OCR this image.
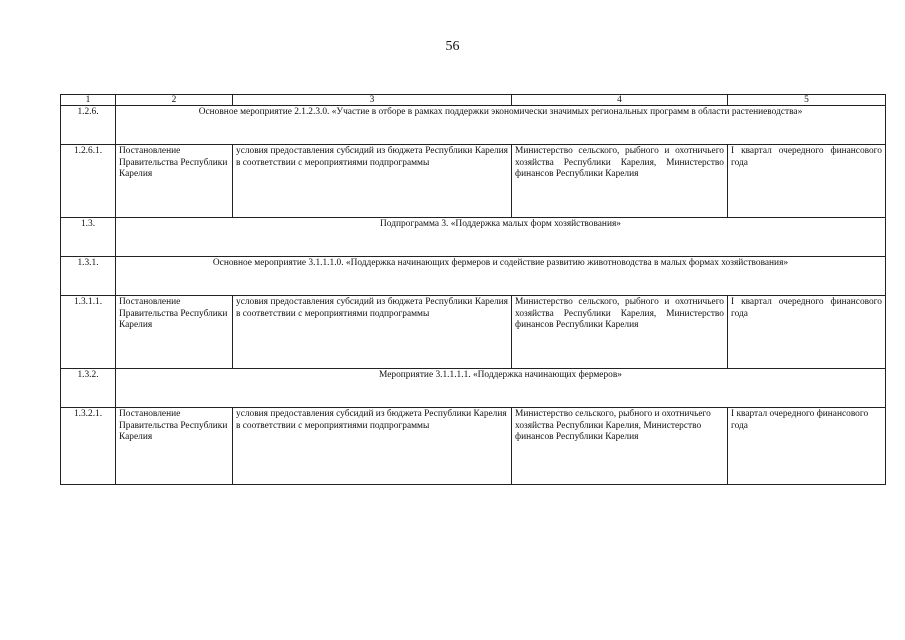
56
1	2	3	4	5
1.2.6.	Основное мероприятие 2.1.2.3.0. «Участие в отборе в рамках поддержки экономически значимых региональных программ в области растениеводства»			
1.2.6.1.	Постановление Правительства Республики Карелия	условия предоставления субсидий из бюджета Республики Карелия в соответствии с мероприятиями подпрограммы	Министерство сельского, рыбного и охотничьего хозяйства Республики Карелия, Министерство финансов Республики Карелия	I квартал очередного финансового года
1.3.	Подпрограмма 3. «Поддержка малых форм хозяйствования»			
1.3.1.	Основное мероприятие 3.1.1.1.0. «Поддержка начинающих фермеров и содействие развитию животноводства в малых формах хозяйствования»			
1.3.1.1.	Постановление Правительства Республики Карелия	условия предоставления субсидий из бюджета Республики Карелия в соответствии с мероприятиями подпрограммы	Министерство сельского, рыбного и охотничьего хозяйства Республики Карелия, Министерство финансов Республики Карелия	I квартал очередного финансового года
1.3.2.	Мероприятие 3.1.1.1.1. «Поддержка начинающих фермеров»			
1.3.2.1.	Постановление Правительства Республики Карелия	условия предоставления субсидий из бюджета Республики Карелия в соответствии с мероприятиями подпрограммы	Министерство сельского, рыбного и охотничьего хозяйства Республики Карелия, Министерство финансов Республики Карелия	I квартал очередного финансового года
